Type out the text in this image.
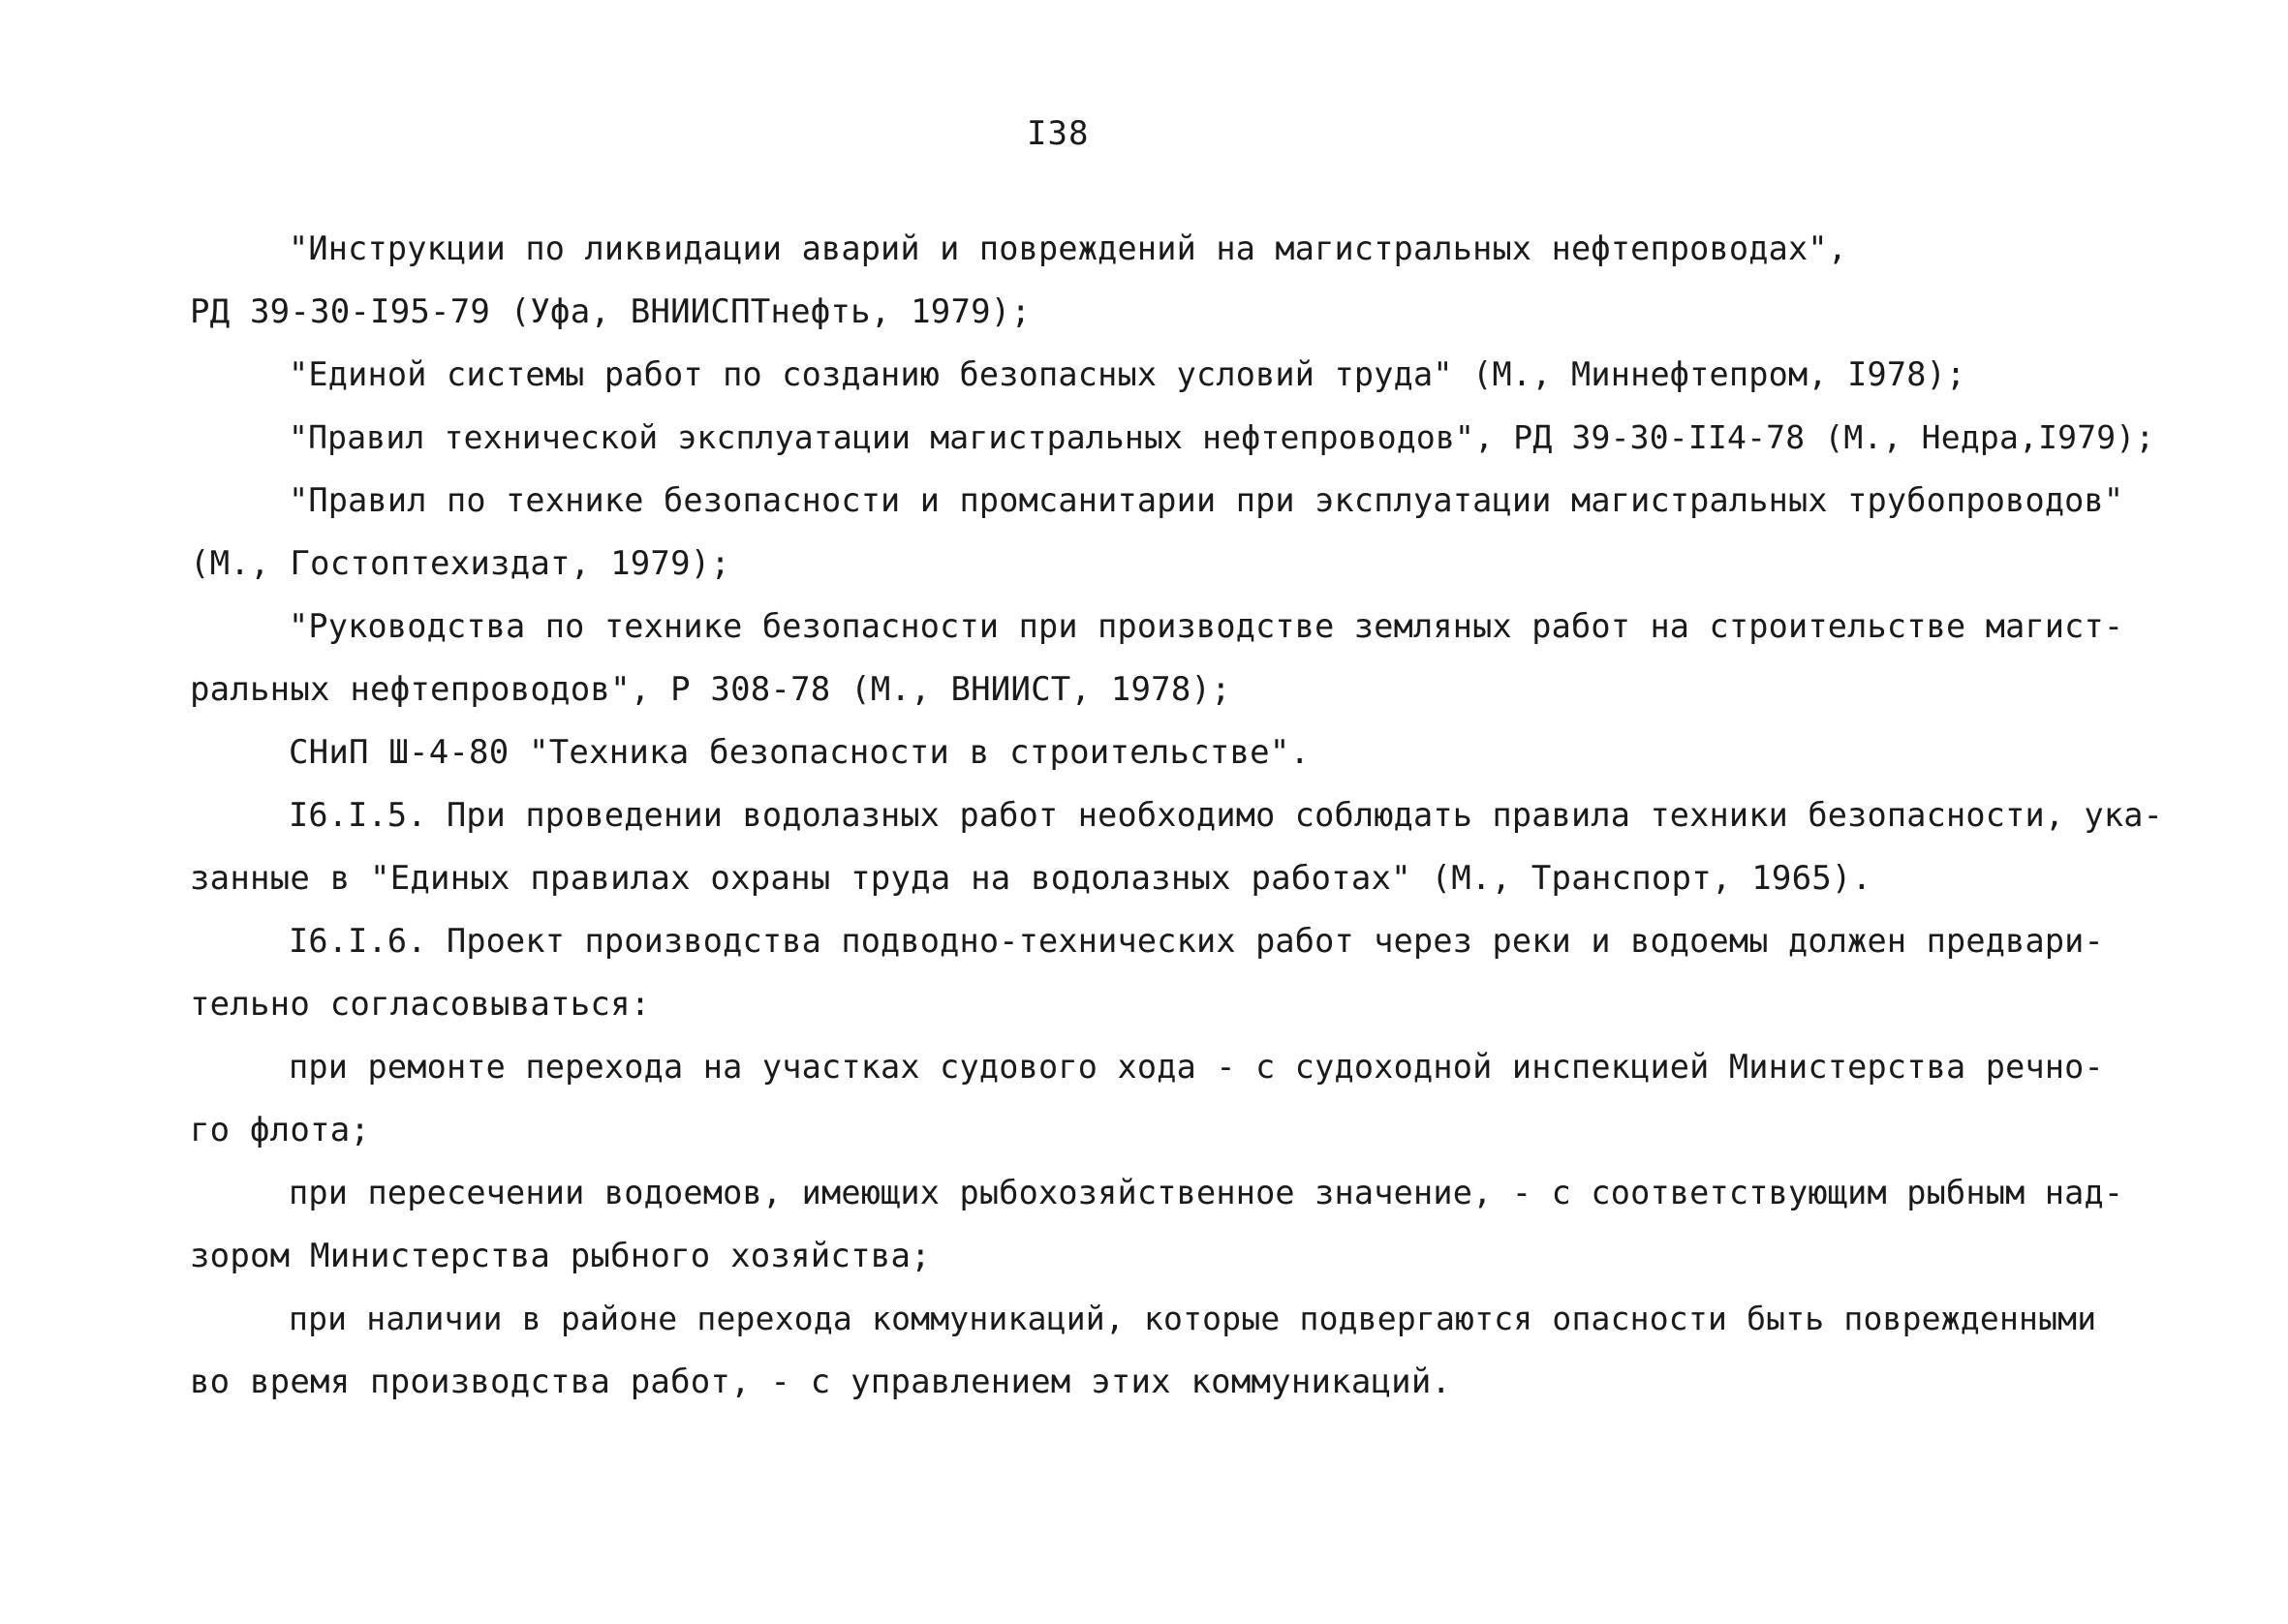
I38
"Инструкции по ликвидации аварий и повреждений на магистральных нефтепроводах",
РД 39-30-I95-79 (Уфа, ВНИИСПТнефть, 1979);
"Единой системы работ по созданию безопасных условий труда" (М., Миннефтепром, I978);
"Правил технической эксплуатации магистральных нефтепроводов", РД 39-30-II4-78 (М., Недра,I979);
"Правил по технике безопасности и промсанитарии при эксплуатации магистральных трубопроводов"
(М., Гостоптехиздат, 1979);
"Руководства по технике безопасности при производстве земляных работ на строительстве магист-
ральных нефтепроводов", Р 308-78 (М., ВНИИСТ, 1978);
СНиП Ш-4-80 "Техника безопасности в строительстве".
I6.I.5. При проведении водолазных работ необходимо соблюдать правила техники безопасности, ука-
занные в "Единых правилах охраны труда на водолазных работах" (М., Транспорт, 1965).
I6.I.6. Проект производства подводно-технических работ через реки и водоемы должен предвари-
тельно согласовываться:
при ремонте перехода на участках судового хода - с судоходной инспекцией Министерства речно-
го флота;
при пересечении водоемов, имеющих рыбохозяйственное значение, - с соответствующим рыбным над-
зором Министерства рыбного хозяйства;
при наличии в районе перехода коммуникаций, которые подвергаются опасности быть поврежденными
во время производства работ, - с управлением этих коммуникаций.
